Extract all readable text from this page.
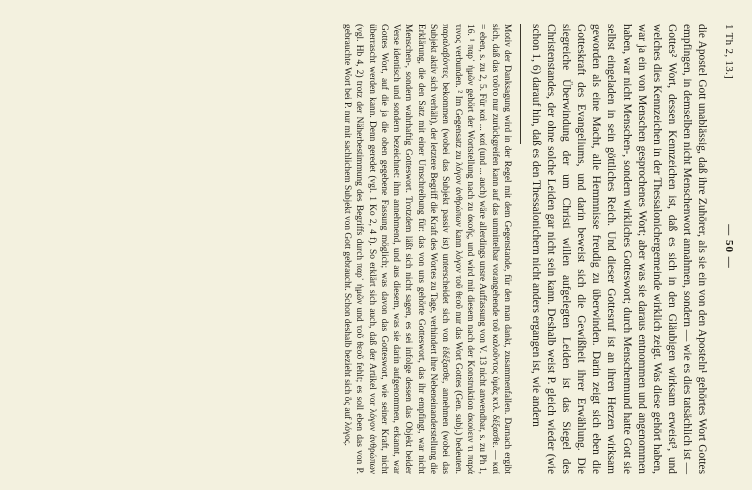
1 Th 2, 13.]
— 50 —

die Apostel Gott unablässig, daß ihre Zuhörer, als sie ein von den Aposteln¹ gehörtes Wort Gottes empfingen, in demselben nicht Menschenwort annahmen, sondern — wie es dies tatsächlich ist — Gottes² Wort, dessen Kennzeichen ist, daß es sich in den Gläubigen wirksam erweist³, und welches dies Kennzeichen in der Thessalonichergemeinde wirklich zeigt. Was diese gehört haben, war ja ein von Menschen gesprochenes Wort; aber was sie daraus entnommen und angenommen haben, war nicht Menschen-, sondern wirkliches Gotteswort; durch Menschenmund hatte Gott sie selbst eingeladen in sein göttliches Reich. Und dieser Gottesruf ist an ihren Herzen wirksam geworden als eine Macht, alle Hemmnisse freudig zu überwinden. Darin zeigt sich eben die Gotteskraft des Evangeliums, und darin beweist sich die Gewißheit ihrer Erwählung. Die siegreiche Überwindung der um Christi willen aufgelegten Leiden ist das Siegel des Christenstandes, der ohne solche Leiden gar nicht sein kann. Deshalb weist P. gleich wieder (wie schon 1, 6) darauf hin, daß es den Thessalonichern nicht anders ergangen ist, wie andern

Motiv der Danksagung wird in der Regel mit dem Gegenstande, für den man dankt, zusammenfallen. Darnach ergibt sich, daß das τοῦτο nur zurückgreifen kann auf das unmittelbar vorangehende τοῦ καλοῦντος ὑμᾶς κτλ. δέξασθε. — καί = eben, s. zu 2, 5. Für καὶ ... καί (und ... auch) wäre allerdings unsre Auffassung von V. 13 nicht anwendbar, s. zu Ph 1, 16. ¹ παρ᾿ ἡμῶν gehört der Wortstellung nach zu ἀκοῆς, und wird mit diesem nach der Konstruktion ἀκούειν τι παρά τινος verbunden. ² Im Gegensatz zu λόγον ἀνθρώπων kann λόγον τοῦ θεοῦ nur das Wort Gottes (Gen. subj.) bedeuten. παραλαβόντες bekommen (wobei das Subjekt passiv ist) unterscheidet sich von ἐδέξασθε, annehmen (wobei das Subjekt aktiv sich verhält), der letztere Begriff die Kraft des Wortes zu Tage, verhindert ihre Nebeneinanderstellung die Erklärung, die den Satz mit einer Umschreibung für: das von uns gehörte Gotteswort, das ihr empfingt, war nicht Menschen-, sondern wahrhaftig Gotteswort. Trotzdem läßt sich nicht sagen, es sei infolge dessen das Objekt beider Verse identisch und sondern bezeichnet: ihm annehmend, und aus diesem, was sie darin aufgenommen, erkannt, war Gottes Wort, auf die ja die oben gegebene Fassung möglich; was davon das Gotteswort, wie seiner Kraft, nicht überrascht werden kann. Denn geredet (vgl. 1 Ko 2, 4 f). So erklärt sich auch, daß der Artikel vor λόγον ἀνθρώπων (vgl. Hb 4, 2) trotz der Näherbestimmung des Begriffs durch παρ᾿ ἡμῶν und τοῦ θεοῦ fehlt; es soll eben das von P. gebrauchte Wort bei P. nur mit sachlichem Subjekt von Gott gebraucht. Schon deshalb bezieht sich ὃς auf λόγος.
